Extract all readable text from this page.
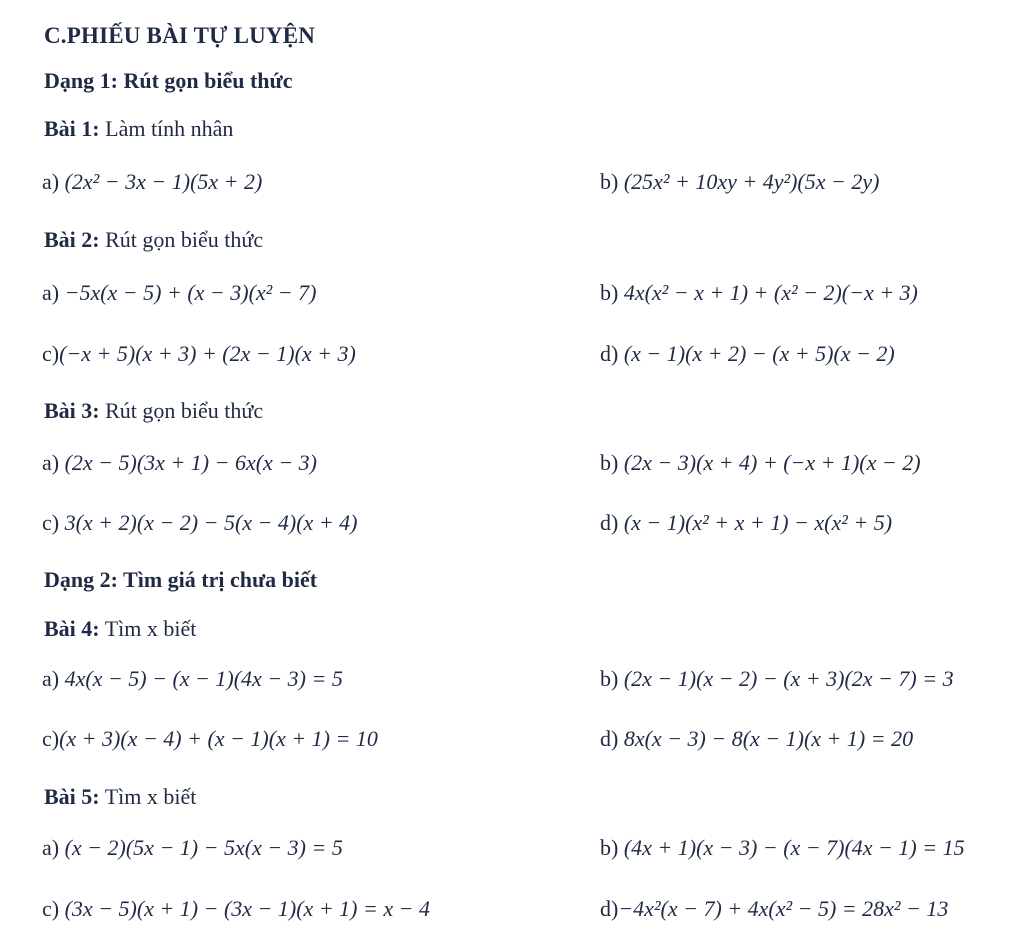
C.PHIẾU BÀI TỰ LUYỆN
Dạng 1: Rút gọn biểu thức
Bài 1: Làm tính nhân
a) (2x² − 3x − 1)(5x + 2)	b) (25x² + 10xy + 4y²)(5x − 2y)
Bài 2: Rút gọn biểu thức
a) −5x(x − 5) + (x − 3)(x² − 7)	b) 4x(x² − x + 1) + (x² − 2)(−x + 3)
c)(−x + 5)(x + 3) + (2x − 1)(x + 3)	d) (x − 1)(x + 2) − (x + 5)(x − 2)
Bài 3: Rút gọn biểu thức
a) (2x − 5)(3x + 1) − 6x(x − 3)	b) (2x − 3)(x + 4) + (−x + 1)(x − 2)
c) 3(x + 2)(x − 2) − 5(x − 4)(x + 4)	d) (x − 1)(x² + x + 1) − x(x² + 5)
Dạng 2: Tìm giá trị chưa biết
Bài 4: Tìm x biết
a) 4x(x − 5) − (x − 1)(4x − 3) = 5	b) (2x − 1)(x − 2) − (x + 3)(2x − 7) = 3
c)(x + 3)(x − 4) + (x − 1)(x + 1) = 10	d) 8x(x − 3) − 8(x − 1)(x + 1) = 20
Bài 5: Tìm x biết
a) (x − 2)(5x − 1) − 5x(x − 3) = 5	b) (4x + 1)(x − 3) − (x − 7)(4x − 1) = 15
c) (3x − 5)(x + 1) − (3x − 1)(x + 1) = x − 4	d)−4x²(x − 7) + 4x(x² − 5) = 28x² − 13
